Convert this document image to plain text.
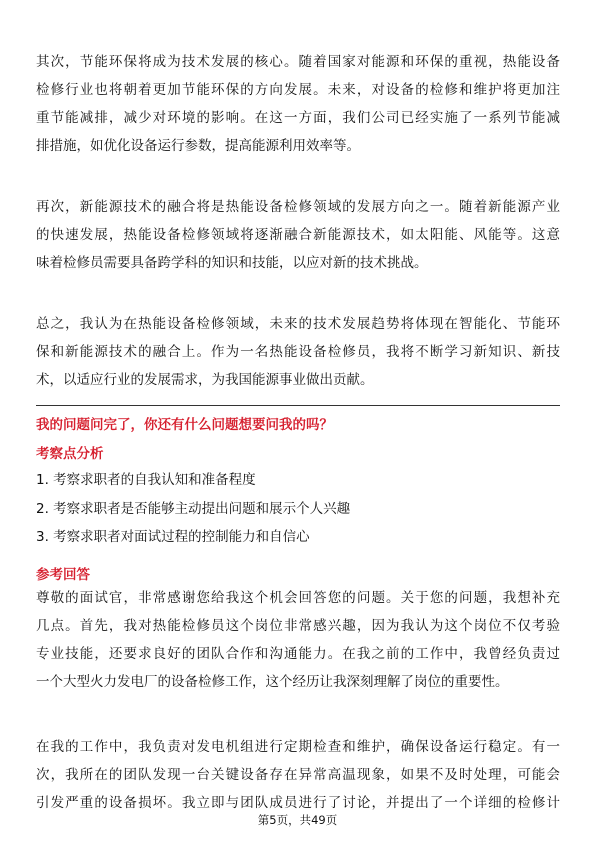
其次，节能环保将成为技术发展的核心。随着国家对能源和环保的重视，热能设备
检修行业也将朝着更加节能环保的方向发展。未来，对设备的检修和维护将更加注
重节能减排，减少对环境的影响。在这一方面，我们公司已经实施了一系列节能减
排措施，如优化设备运行参数，提高能源利用效率等。
再次，新能源技术的融合将是热能设备检修领域的发展方向之一。随着新能源产业
的快速发展，热能设备检修领域将逐渐融合新能源技术，如太阳能、风能等。这意
味着检修员需要具备跨学科的知识和技能，以应对新的技术挑战。
总之，我认为在热能设备检修领域，未来的技术发展趋势将体现在智能化、节能环
保和新能源技术的融合上。作为一名热能设备检修员，我将不断学习新知识、新技
术，以适应行业的发展需求，为我国能源事业做出贡献。
我的问题问完了，你还有什么问题想要问我的吗？
考察点分析
1. 考察求职者的自我认知和准备程度
2. 考察求职者是否能够主动提出问题和展示个人兴趣
3. 考察求职者对面试过程的控制能力和自信心
参考回答
尊敬的面试官，非常感谢您给我这个机会回答您的问题。关于您的问题，我想补充
几点。首先，我对热能检修员这个岗位非常感兴趣，因为我认为这个岗位不仅考验
专业技能，还要求良好的团队合作和沟通能力。在我之前的工作中，我曾经负责过
一个大型火力发电厂的设备检修工作，这个经历让我深刻理解了岗位的重要性。
在我的工作中，我负责对发电机组进行定期检查和维护，确保设备运行稳定。有一
次，我所在的团队发现一台关键设备存在异常高温现象，如果不及时处理，可能会
引发严重的设备损坏。我立即与团队成员进行了讨论，并提出了一个详细的检修计
第5页，共49页
